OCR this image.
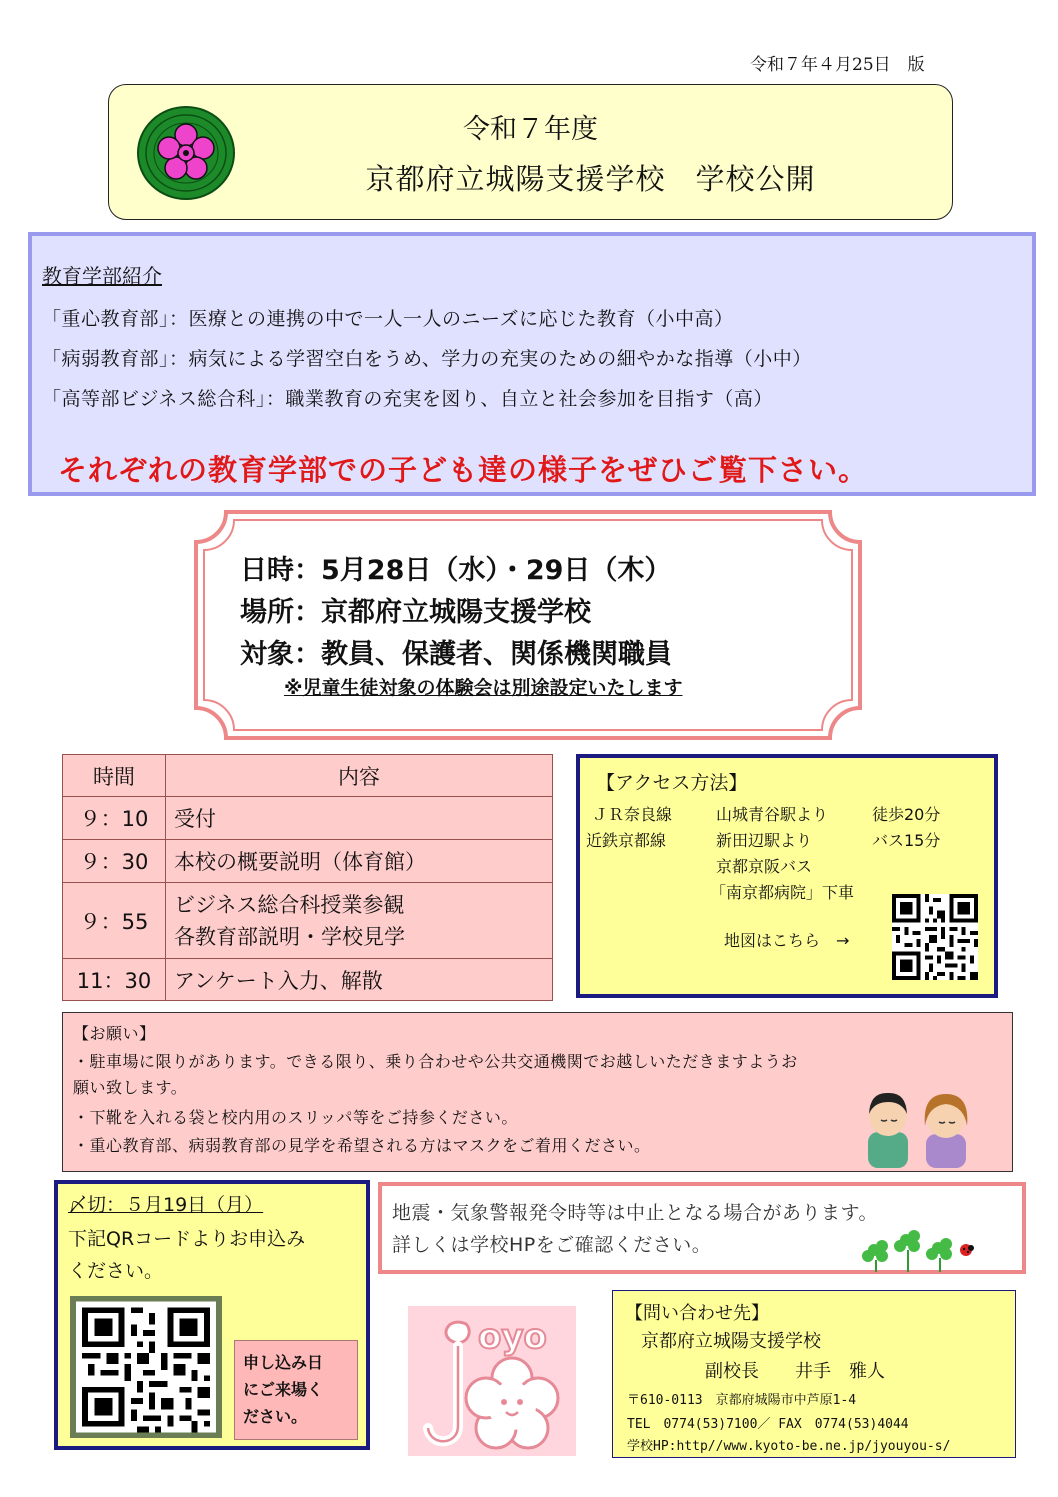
令和７年４月25日　版
令和７年度
京都府立城陽支援学校　学校公開
教育学部紹介
「重心教育部」：医療との連携の中で一人一人のニーズに応じた教育（小中高）
「病弱教育部」：病気による学習空白をうめ、学力の充実のための細やかな指導（小中）
「高等部ビジネス総合科」：職業教育の充実を図り、自立と社会参加を目指す（高）
それぞれの教育学部での子ども達の様子をぜひご覧下さい。
日時：5月28日（水）・29日（木）
場所：京都府立城陽支援学校
対象：教員、保護者、関係機関職員
※児童生徒対象の体験会は別途設定いたします
時間	内容
９：10	受付
９：30	本校の概要説明（体育館）
９：55	ビジネス総合科授業参観
各教育部説明・学校見学

11：30	アンケート入力、解散
【アクセス方法】
ＪＲ奈良線	山城青谷駅より	徒歩20分
近鉄京都線	新田辺駅より	バス15分
京都京阪バス
「南京都病院」下車
地図はこちら　→
【お願い】
・駐車場に限りがあります。できる限り、乗り合わせや公共交通機関でお越しいただきますようお
願い致します。
・下靴を入れる袋と校内用のスリッパ等をご持参ください。
・重心教育部、病弱教育部の見学を希望される方はマスクをご着用ください。
〆切：５月19日（月）
下記QRコードよりお申込み
ください。
申し込み日
にご来場く
ださい。
地震・気象警報発令時等は中止となる場合があります。
詳しくは学校HPをご確認ください。
oyo
【問い合わせ先】
京都府立城陽支援学校
副校長　　井手　雅人
〒610-0113　京都府城陽市中芦原1-4
TEL　0774(53)7100／ FAX　0774(53)4044
学校HP:http//www.kyoto-be.ne.jp/jyouyou-s/
